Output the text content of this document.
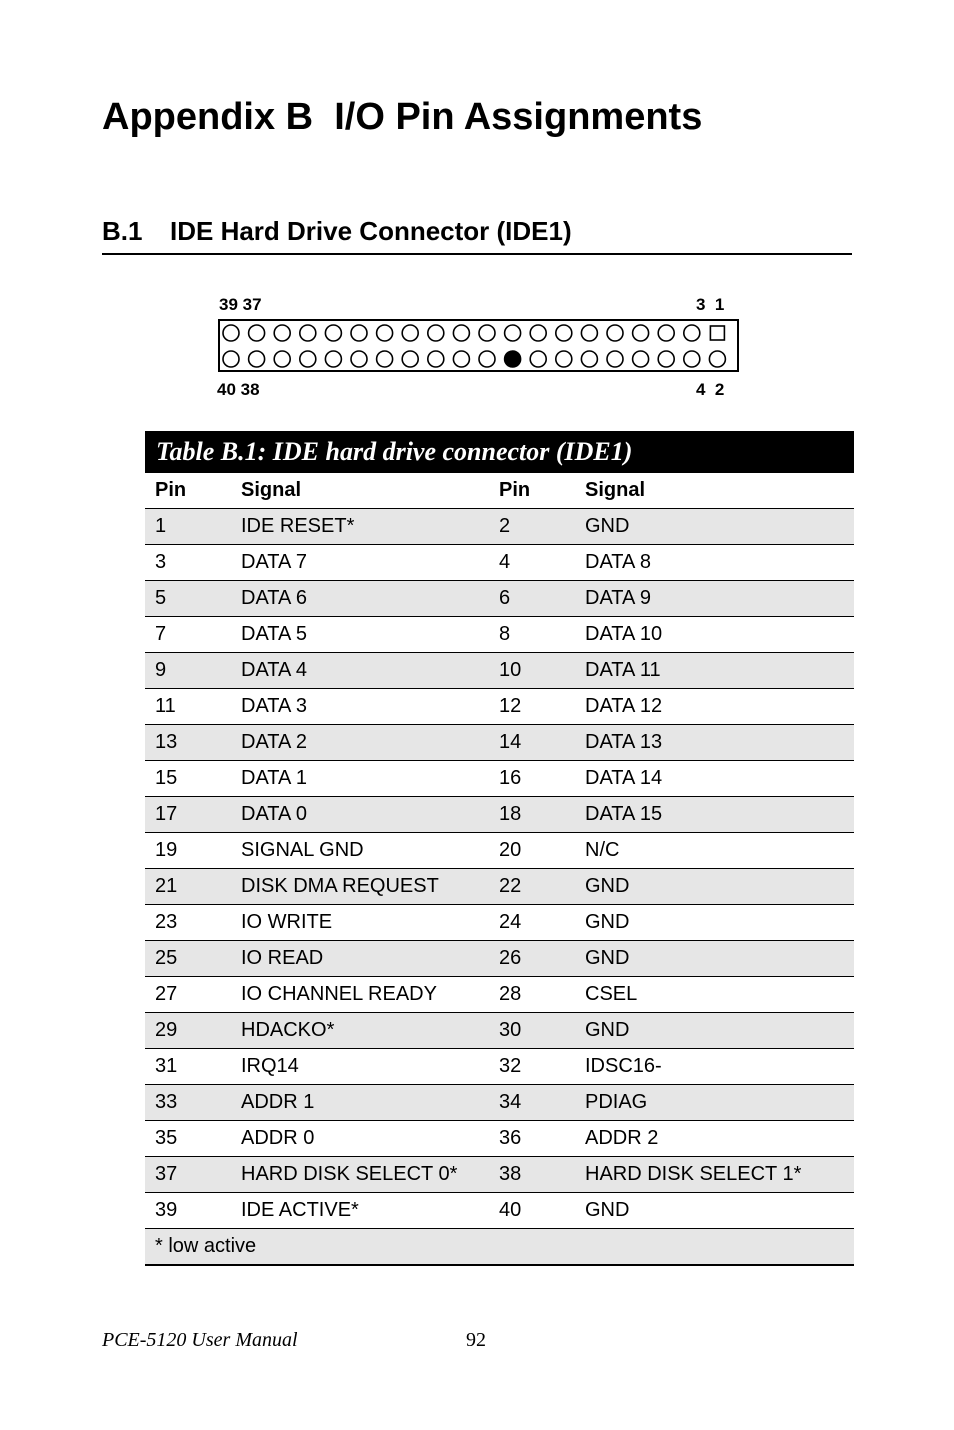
Appendix B  I/O Pin Assignments
B.1 IDE Hard Drive Connector (IDE1)
39 37	3  1
40 38	4  2
Table B.1: IDE hard drive connector (IDE1)
Pin	Signal	Pin	Signal
1	IDE RESET*	2	GND
3	DATA 7	4	DATA 8
5	DATA 6	6	DATA 9
7	DATA 5	8	DATA 10
9	DATA 4	10	DATA 11
11	DATA 3	12	DATA 12
13	DATA 2	14	DATA 13
15	DATA 1	16	DATA 14
17	DATA 0	18	DATA 15
19	SIGNAL GND	20	N/C
21	DISK DMA REQUEST	22	GND
23	IO WRITE	24	GND
25	IO READ	26	GND
27	IO CHANNEL READY	28	CSEL
29	HDACKO*	30	GND
31	IRQ14	32	IDSC16-
33	ADDR 1	34	PDIAG
35	ADDR 0	36	ADDR 2
37	HARD DISK SELECT 0*	38	HARD DISK SELECT 1*
39	IDE ACTIVE*	40	GND
* low active			
PCE-5120 User Manual	92
